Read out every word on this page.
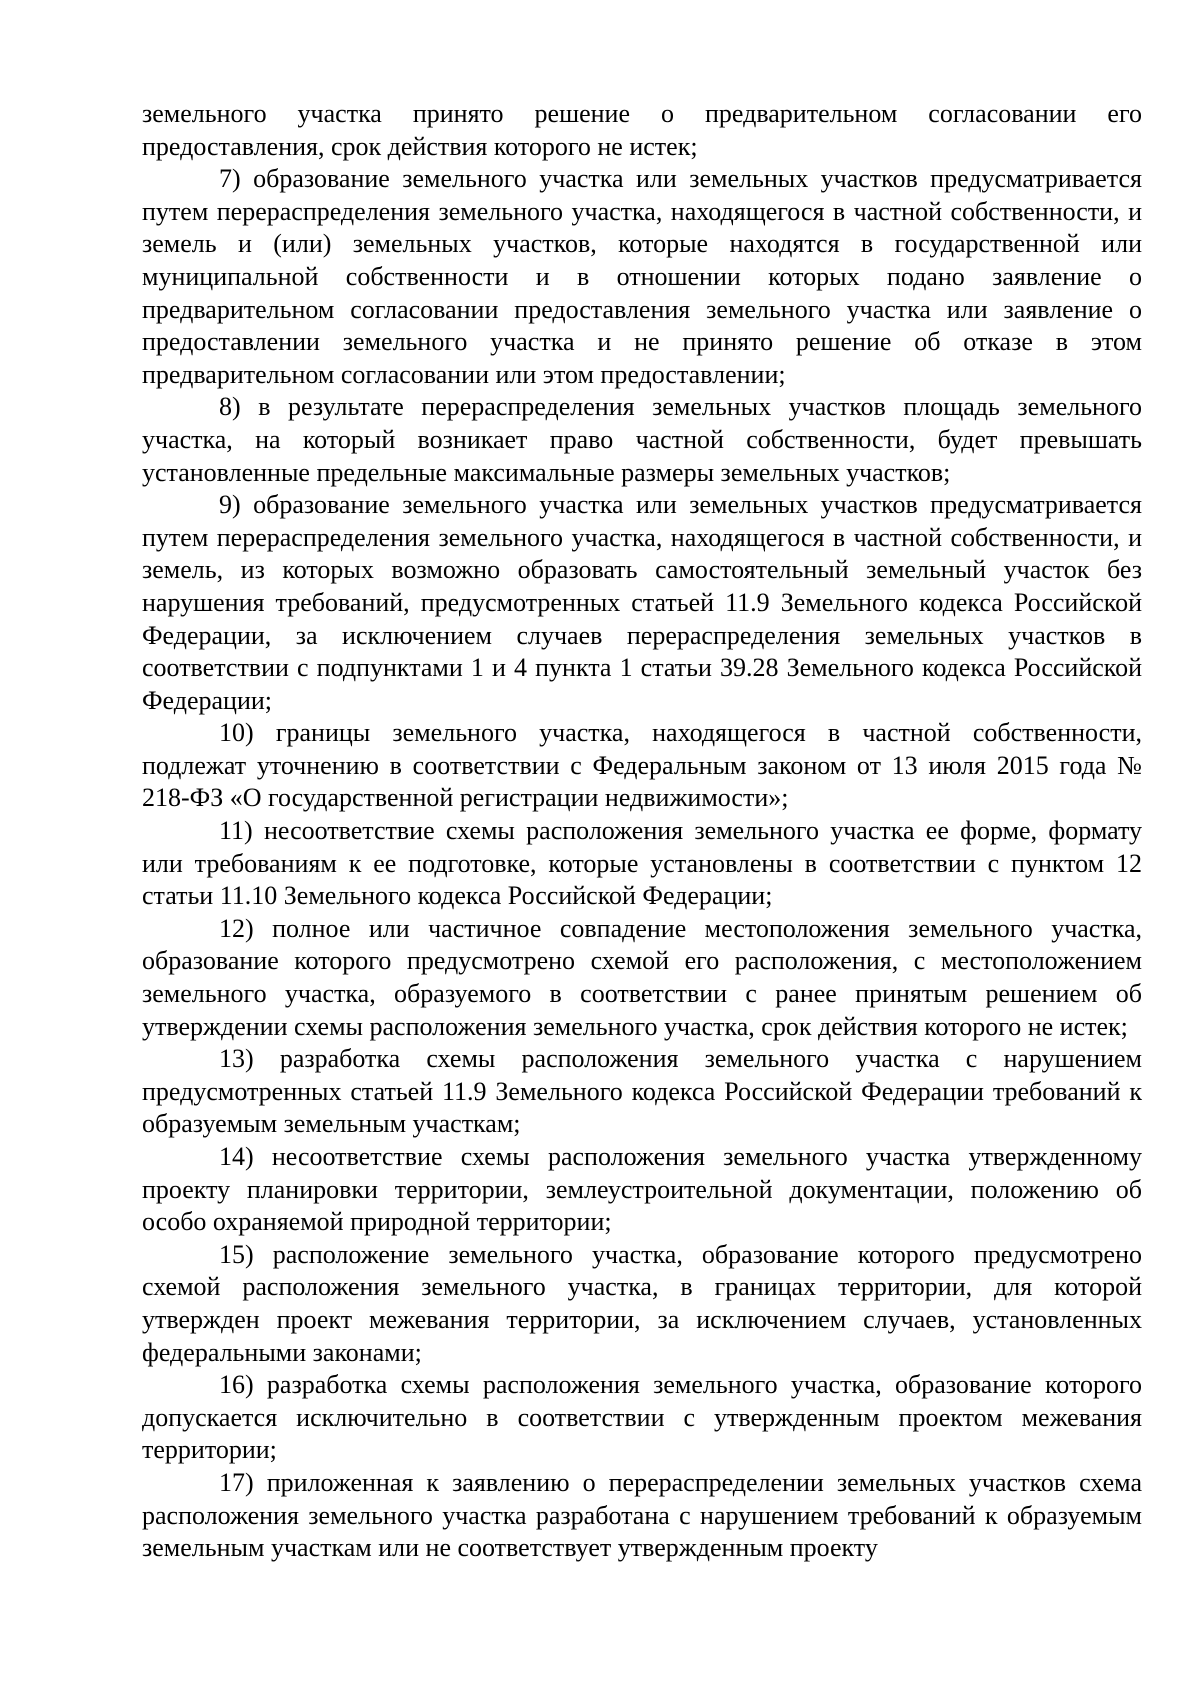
земельного участка принято решение о предварительном согласовании его предоставления, срок действия которого не истек;

7) образование земельного участка или земельных участков предусматривается путем перераспределения земельного участка, находящегося в частной собственности, и земель и (или) земельных участков, которые находятся в государственной или муниципальной собственности и в отношении которых подано заявление о предварительном согласовании предоставления земельного участка или заявление о предоставлении земельного участка и не принято решение об отказе в этом предварительном согласовании или этом предоставлении;

8) в результате перераспределения земельных участков площадь земельного участка, на который возникает право частной собственности, будет превышать установленные предельные максимальные размеры земельных участков;

9) образование земельного участка или земельных участков предусматривается путем перераспределения земельного участка, находящегося в частной собственности, и земель, из которых возможно образовать самостоятельный земельный участок без нарушения требований, предусмотренных статьей 11.9 Земельного кодекса Российской Федерации, за исключением случаев перераспределения земельных участков в соответствии с подпунктами 1 и 4 пункта 1 статьи 39.28 Земельного кодекса Российской Федерации;

10) границы земельного участка, находящегося в частной собственности, подлежат уточнению в соответствии с Федеральным законом от 13 июля 2015 года № 218-ФЗ «О государственной регистрации недвижимости»;

11) несоответствие схемы расположения земельного участка ее форме, формату или требованиям к ее подготовке, которые установлены в соответствии с пунктом 12 статьи 11.10 Земельного кодекса Российской Федерации;

12) полное или частичное совпадение местоположения земельного участка, образование которого предусмотрено схемой его расположения, с местоположением земельного участка, образуемого в соответствии с ранее принятым решением об утверждении схемы расположения земельного участка, срок действия которого не истек;

13) разработка схемы расположения земельного участка с нарушением предусмотренных статьей 11.9 Земельного кодекса Российской Федерации требований к образуемым земельным участкам;

14) несоответствие схемы расположения земельного участка утвержденному проекту планировки территории, землеустроительной документации, положению об особо охраняемой природной территории;

15) расположение земельного участка, образование которого предусмотрено схемой расположения земельного участка, в границах территории, для которой утвержден проект межевания территории, за исключением случаев, установленных федеральными законами;

16) разработка схемы расположения земельного участка, образование которого допускается исключительно в соответствии с утвержденным проектом межевания территории;

17) приложенная к заявлению о перераспределении земельных участков схема расположения земельного участка разработана с нарушением требований к образуемым земельным участкам или не соответствует утвержденным проекту
